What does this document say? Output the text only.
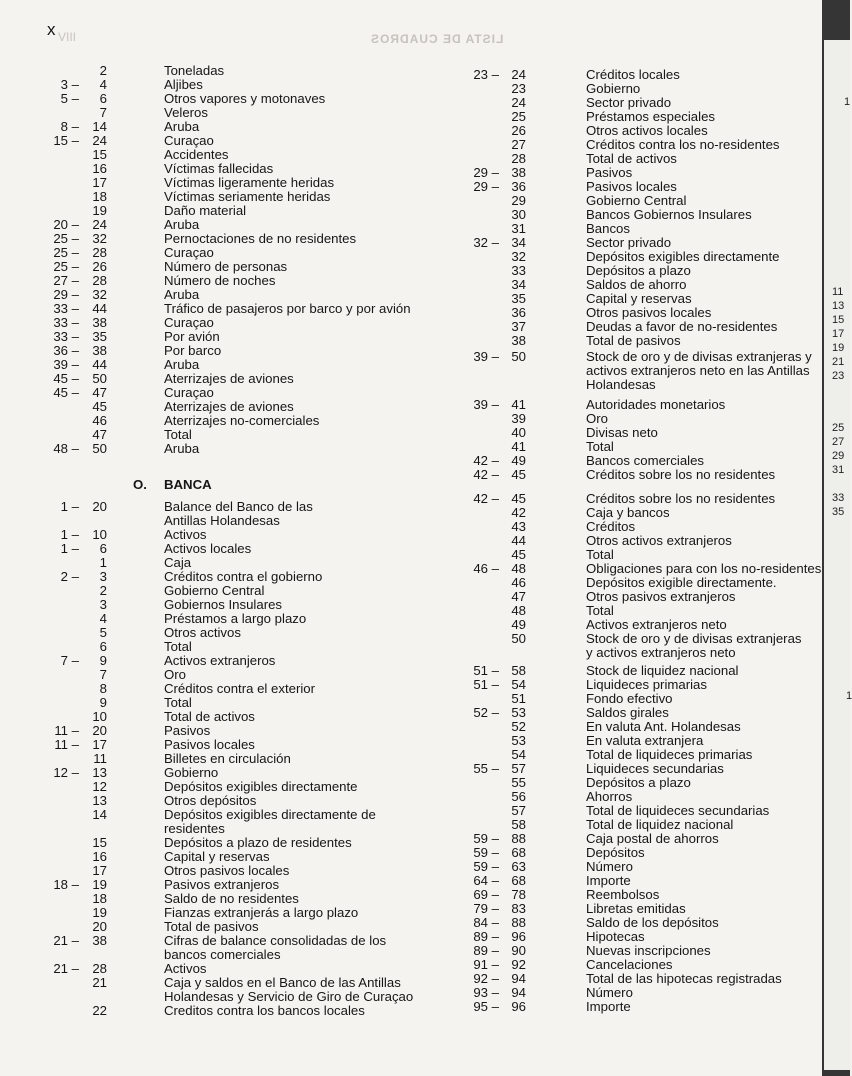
LISTA DE CUADROS
VIII
x
2	Toneladas
3 –	4	Aljibes
5 –	6	Otros vapores y motonaves
7	Veleros
8 –	14	Aruba
15 –	24	Curaçao
15	Accidentes
16	Víctimas fallecidas
17	Víctimas ligeramente heridas
18	Víctimas seriamente heridas
19	Daño material
20 –	24	Aruba
25 –	32	Pernoctaciones de no residentes
25 –	28	Curaçao
25 –	26	Número de personas
27 –	28	Número de noches
29 –	32	Aruba
33 –	44	Tráfico de pasajeros por barco y por avión
33 –	38	Curaçao
33 –	35	Por avión
36 –	38	Por barco
39 –	44	Aruba
45 –	50	Aterrizajes de aviones
45 –	47	Curaçao
45	Aterrizajes de aviones
46	Aterrizajes no-comerciales
47	Total
48 –	50	Aruba
1 –	20	Balance del Banco de las
Antillas Holandesas
1 –	10	Activos
1 –	6	Activos locales
1	Caja
2 –	3	Créditos contra el gobierno
2	Gobierno Central
3	Gobiernos Insulares
4	Préstamos a largo plazo
5	Otros activos
6	Total
7 –	9	Activos extranjeros
7	Oro
8	Créditos contra el exterior
9	Total
10	Total de activos
11 –	20	Pasivos
11 –	17	Pasivos locales
11	Billetes en circulación
12 –	13	Gobierno
12	Depósitos exigibles directamente
13	Otros depósitos
14	Depósitos exigibles directamente de
residentes
15	Depósitos a plazo de residentes
16	Capital y reservas
17	Otros pasivos locales
18 –	19	Pasivos extranjeros
18	Saldo de no residentes
19	Fianzas extranjerás a largo plazo
20	Total de pasivos
21 –	38	Cifras de balance consolidadas de los
bancos comerciales
21 –	28	Activos
21	Caja y saldos en el Banco de las Antillas
Holandesas y Servicio de Giro de Curaçao
22	Creditos contra los bancos locales
23 – 24	Créditos locales
23	Gobierno
24	Sector privado
25	Préstamos especiales
26	Otros activos locales
27	Créditos contra los no-residentes
28	Total de activos
29 – 38	Pasivos
29 – 36	Pasivos locales
29	Gobierno Central
30	Bancos Gobiernos Insulares
31	Bancos
32 – 34	Sector privado
32	Depósitos exigibles directamente
33	Depósitos a plazo
34	Saldos de ahorro
35	Capital y reservas
36	Otros pasivos locales
37	Deudas a favor de no-residentes
38	Total de pasivos
39 – 50	Stock de oro y de divisas extranjeras y
activos extranjeros neto en las Antillas
Holandesas
39 – 41	Autoridades monetarios
39	Oro
40	Divisas neto
41	Total
42 – 49	Bancos comerciales
42 – 45	Créditos sobre los no residentes
42 – 45	Créditos sobre los no residentes
42	Caja y bancos
43	Créditos
44	Otros activos extranjeros
45	Total
46 – 48	Obligaciones para con los no-residentes
46	Depósitos exigible directamente.
47	Otros pasivos extranjeros
48	Total
49	Activos extranjeros neto
50	Stock de oro y de divisas extranjeras
y activos extranjeros neto
51 – 58	Stock de liquidez nacional
51 – 54	Liquideces primarias
51	Fondo efectivo
52 – 53	Saldos girales
52	En valuta Ant. Holandesas
53	En valuta extranjera
54	Total de liquideces primarias
55 – 57	Liquideces secundarias
55	Depósitos a plazo
56	Ahorros
57	Total de liquideces secundarias
58	Total de liquidez nacional
59 – 88	Caja postal de ahorros
59 – 68	Depósitos
59 – 63	Número
64 – 68	Importe
69 – 78	Reembolsos
79 – 83	Libretas emitidas
84 – 88	Saldo de los depósitos
89 – 96	Hipotecas
89 – 90	Nuevas inscripciones
91 – 92	Cancelaciones
92 – 94	Total de las hipotecas registradas
93 – 94	Número
95 – 96	Importe
O. BANCA
1
11
13
15
17
19
21
23
25
27
29
31
33
35
1
